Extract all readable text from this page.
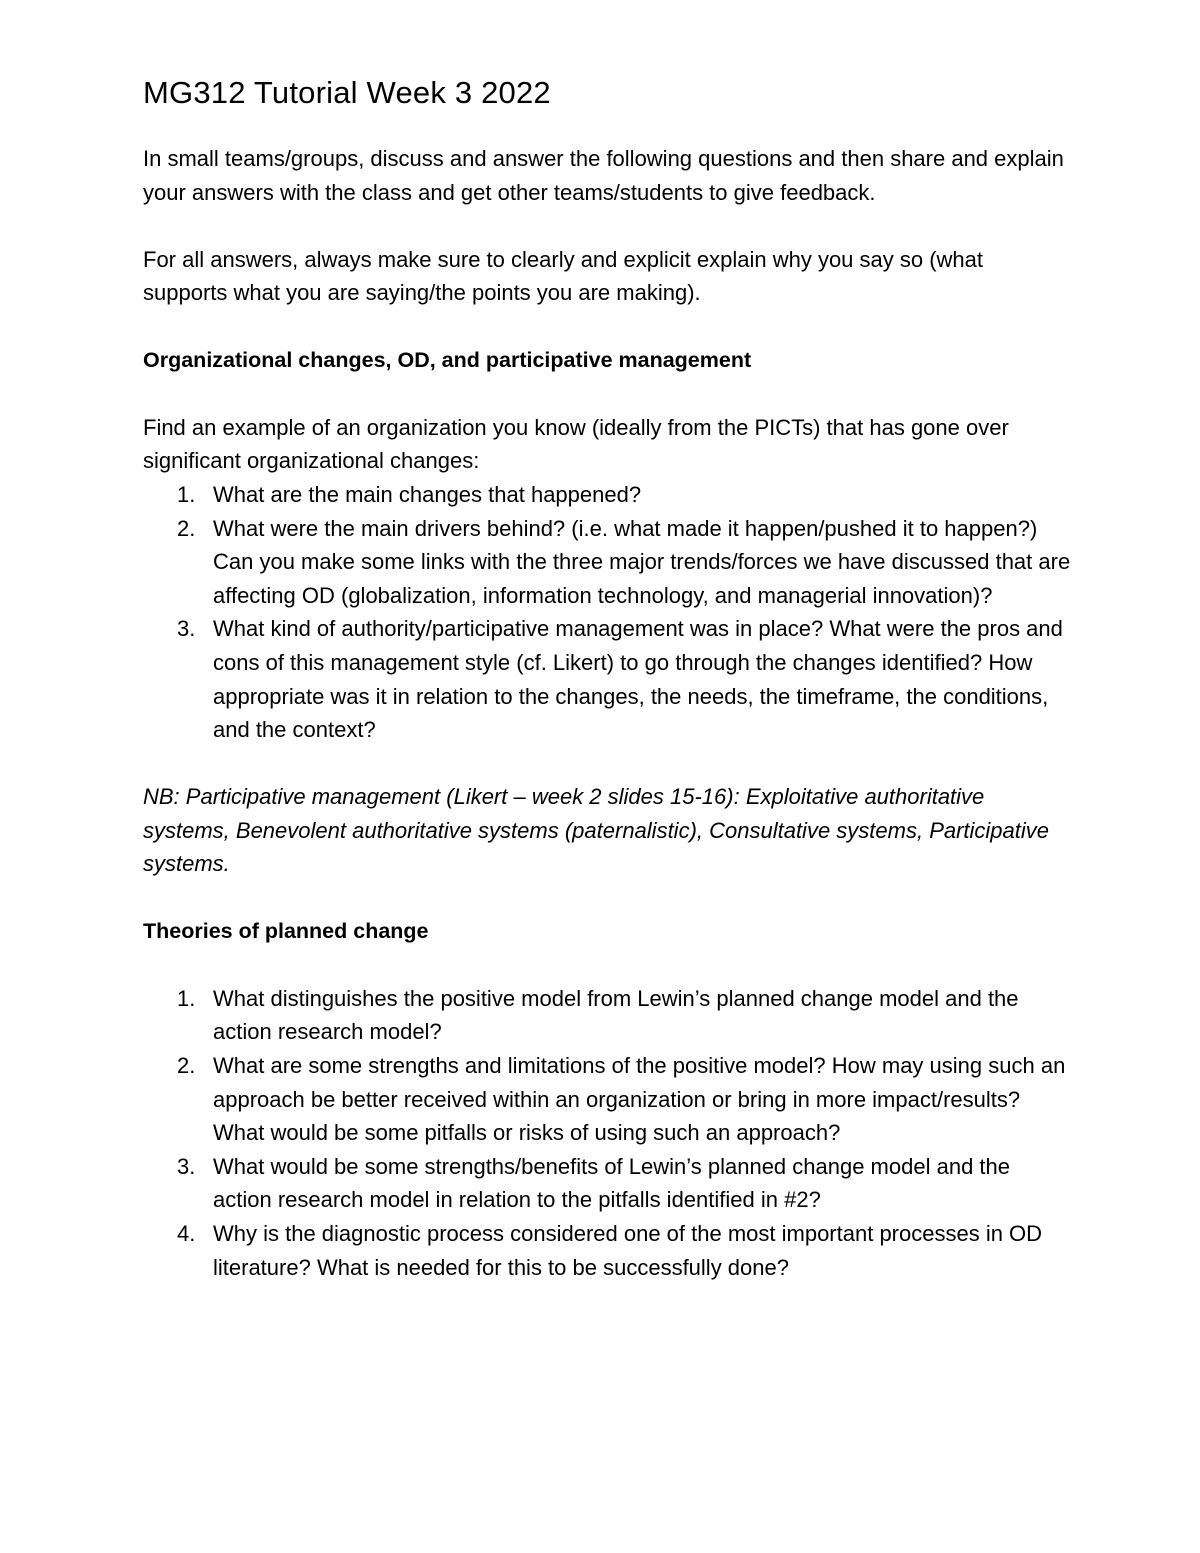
MG312 Tutorial Week 3 2022

In small teams/groups, discuss and answer the following questions and then share and explain your answers with the class and get other teams/students to give feedback.

For all answers, always make sure to clearly and explicit explain why you say so (what supports what you are saying/the points you are making).

Organizational changes, OD, and participative management

Find an example of an organization you know (ideally from the PICTs) that has gone over significant organizational changes:

1. What are the main changes that happened?
2. What were the main drivers behind? (i.e. what made it happen/pushed it to happen?) Can you make some links with the three major trends/forces we have discussed that are affecting OD (globalization, information technology, and managerial innovation)?
3. What kind of authority/participative management was in place? What were the pros and cons of this management style (cf. Likert) to go through the changes identified? How appropriate was it in relation to the changes, the needs, the timeframe, the conditions, and the context?

NB: Participative management (Likert – week 2 slides 15-16): Exploitative authoritative systems, Benevolent authoritative systems (paternalistic), Consultative systems, Participative systems.

Theories of planned change

1. What distinguishes the positive model from Lewin’s planned change model and the action research model?
2. What are some strengths and limitations of the positive model? How may using such an approach be better received within an organization or bring in more impact/results? What would be some pitfalls or risks of using such an approach?
3. What would be some strengths/benefits of Lewin’s planned change model and the action research model in relation to the pitfalls identified in #2?
4. Why is the diagnostic process considered one of the most important processes in OD literature? What is needed for this to be successfully done?
